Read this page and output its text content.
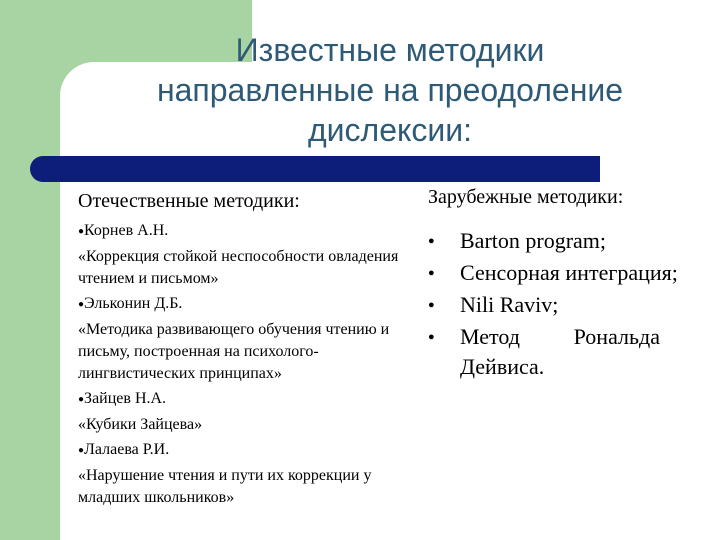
Известные методики
направленные на преодоление
дислексии:
Отечественные методики:
● Корнев А.Н.
«Коррекция стойкой неспособности овладения чтением и письмом»
● Эльконин Д.Б.
«Методика развивающего обучения чтению и письму, построенная на психолого-лингвистических принципах»
● Зайцев Н.А.
«Кубики Зайцева»
● Лалаева Р.И.
«Нарушение чтения и пути их коррекции у младших школьников»
Зарубежные методики:
● Barton program;
● Сенсорная интеграция;
● Nili Raviv;
● Метод Рональда
Дейвиса.
